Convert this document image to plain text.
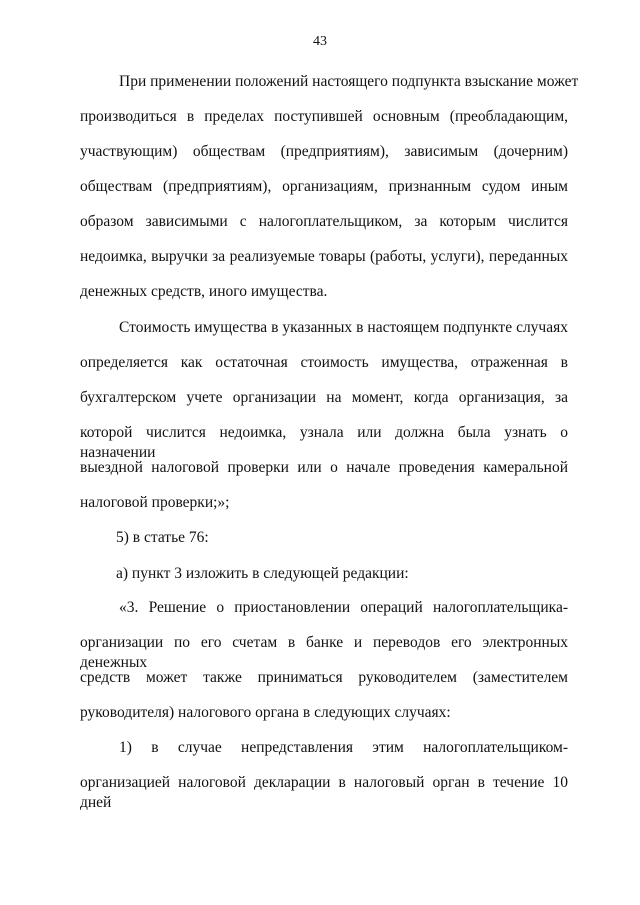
43
При применении положений настоящего подпункта взыскание может
производиться в пределах поступившей основным (преобладающим,
участвующим) обществам (предприятиям), зависимым (дочерним)
обществам (предприятиям), организациям, признанным судом иным
образом зависимыми с налогоплательщиком, за которым числится
недоимка, выручки за реализуемые товары (работы, услуги), переданных
денежных средств, иного имущества.
Стоимость имущества в указанных в настоящем подпункте случаях
определяется как остаточная стоимость имущества, отраженная в
бухгалтерском учете организации на момент, когда организация, за
которой числится недоимка, узнала или должна была узнать о назначении
выездной налоговой проверки или о начале проведения камеральной
налоговой проверки;»;
5) в статье 76:
а) пункт 3 изложить в следующей редакции:
«3. Решение о приостановлении операций налогоплательщика-
организации по его счетам в банке и переводов его электронных денежных
средств может также приниматься руководителем (заместителем
руководителя) налогового органа в следующих случаях:
1) в случае непредставления этим налогоплательщиком-
организацией налоговой декларации в налоговый орган в течение 10 дней
